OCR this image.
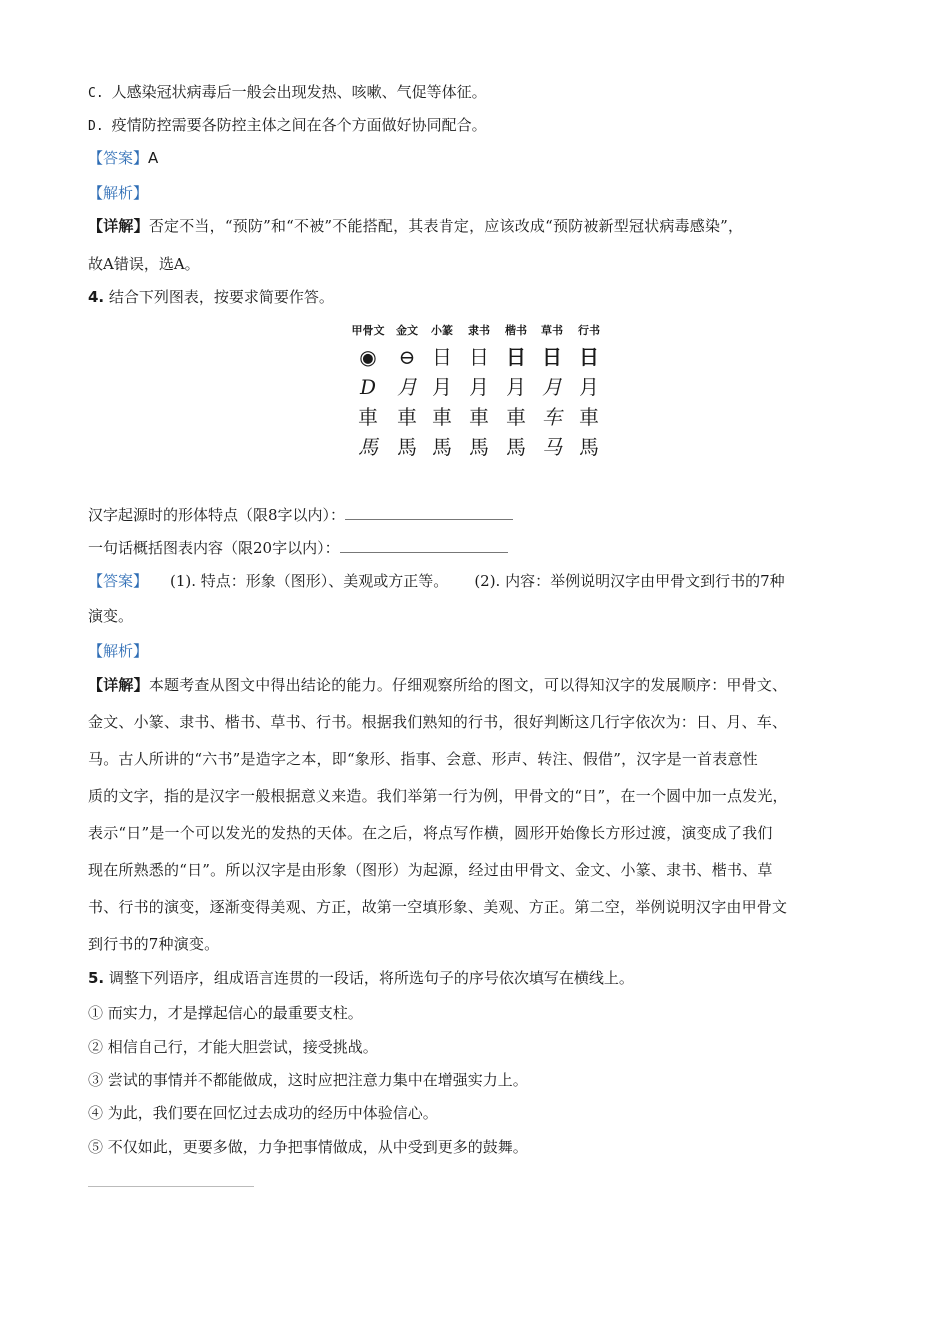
C. 人感染冠状病毒后一般会出现发热、咳嗽、气促等体征。
D. 疫情防控需要各防控主体之间在各个方面做好协同配合。
【答案】A
【解析】
【详解】否定不当，“预防”和“不被”不能搭配，其表肯定，应该改成“预防被新型冠状病毒感染”，
故A错误，选A。
4. 结合下列图表，按要求简要作答。
甲骨文	金文	小篆	隶书	楷书	草书	行书
◉	⊖ 日 日 日 日 日
D	月 月 月 月 月 月
車 車 車 車 車 车 車
馬 馬 馬 馬 馬 马 馬
汉字起源时的形体特点（限8字以内）：
一句话概括图表内容（限20字以内）：
【答案】 (1). 特点：形象（图形）、美观或方正等。 (2). 内容：举例说明汉字由甲骨文到行书的7种
演变。
【解析】
【详解】本题考查从图文中得出结论的能力。仔细观察所给的图文，可以得知汉字的发展顺序：甲骨文、
金文、小篆、隶书、楷书、草书、行书。根据我们熟知的行书，很好判断这几行字依次为：日、月、车、
马。古人所讲的“六书”是造字之本，即“象形、指事、会意、形声、转注、假借”，汉字是一首表意性
质的文字，指的是汉字一般根据意义来造。我们举第一行为例，甲骨文的“日”，在一个圆中加一点发光，
表示“日”是一个可以发光的发热的天体。在之后，将点写作横，圆形开始像长方形过渡，演变成了我们
现在所熟悉的“日”。所以汉字是由形象（图形）为起源，经过由甲骨文、金文、小篆、隶书、楷书、草
书、行书的演变，逐渐变得美观、方正，故第一空填形象、美观、方正。第二空，举例说明汉字由甲骨文
到行书的7种演变。
5. 调整下列语序，组成语言连贯的一段话，将所选句子的序号依次填写在横线上。
① 而实力，才是撑起信心的最重要支柱。
② 相信自己行，才能大胆尝试，接受挑战。
③ 尝试的事情并不都能做成，这时应把注意力集中在增强实力上。
④ 为此，我们要在回忆过去成功的经历中体验信心。
⑤ 不仅如此，更要多做，力争把事情做成，从中受到更多的鼓舞。
